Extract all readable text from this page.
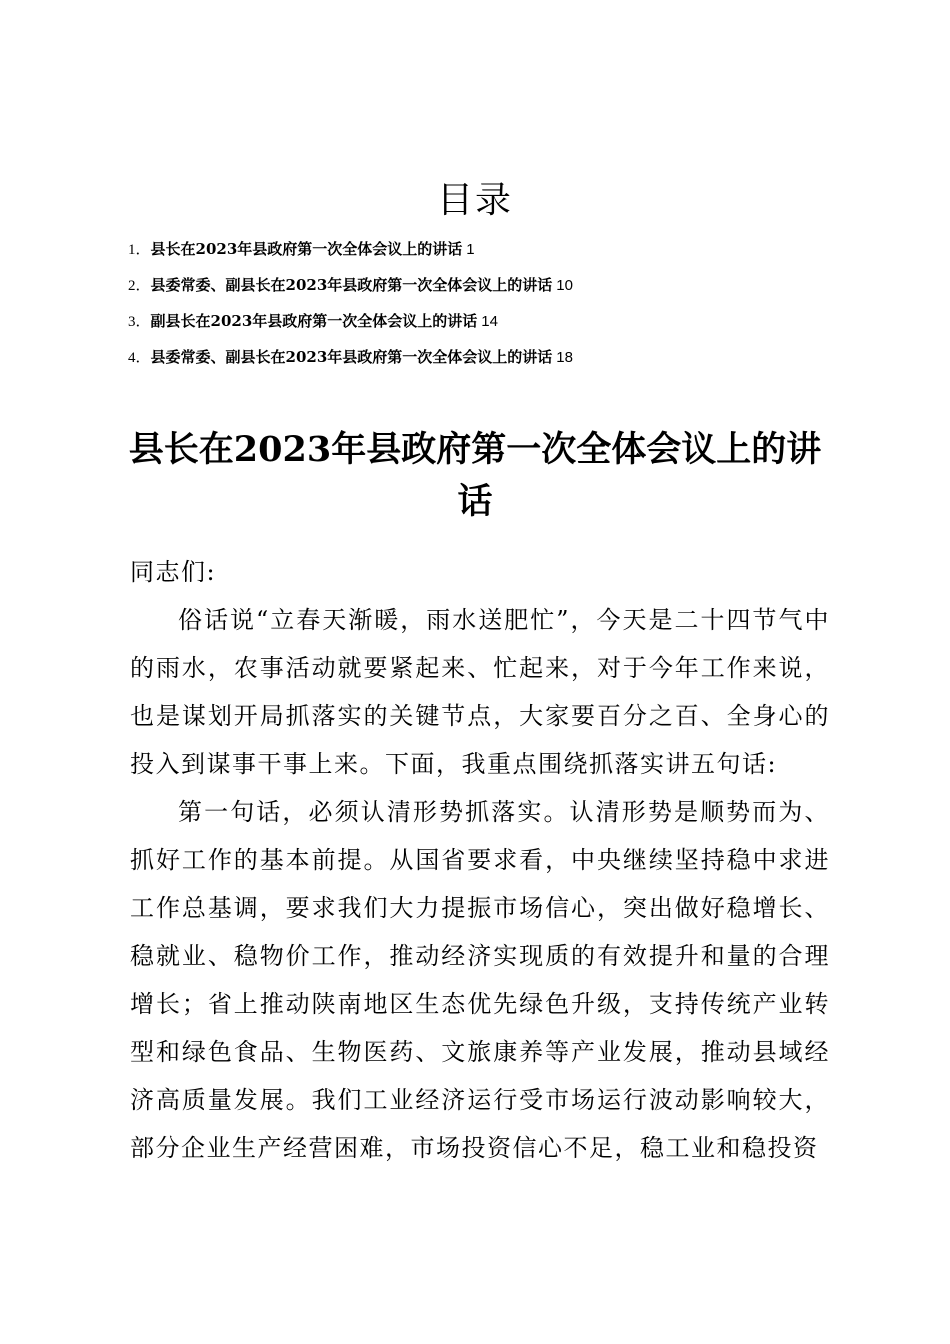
目录
1．县长在2023年县政府第一次全体会议上的讲话 1
2．县委常委、副县长在2023年县政府第一次全体会议上的讲话 10
3．副县长在2023年县政府第一次全体会议上的讲话 14
4．县委常委、副县长在2023年县政府第一次全体会议上的讲话 18
县长在2023年县政府第一次全体会议上的讲话

同志们:

俗话说“立春天渐暖，雨水送肥忙”，今天是二十四节气中的雨水，农事活动就要紧起来、忙起来，对于今年工作来说，也是谋划开局抓落实的关键节点，大家要百分之百、全身心的投入到谋事干事上来。下面，我重点围绕抓落实讲五句话:

第一句话，必须认清形势抓落实。认清形势是顺势而为、抓好工作的基本前提。从国省要求看，中央继续坚持稳中求进工作总基调，要求我们大力提振市场信心，突出做好稳增长、稳就业、稳物价工作，推动经济实现质的有效提升和量的合理增长；省上推动陕南地区生态优先绿色升级，支持传统产业转型和绿色食品、生物医药、文旅康养等产业发展，推动县域经济高质量发展。我们工业经济运行受市场运行波动影响较大，部分企业生产经营困难，市场投资信心不足，稳工业和稳投资
